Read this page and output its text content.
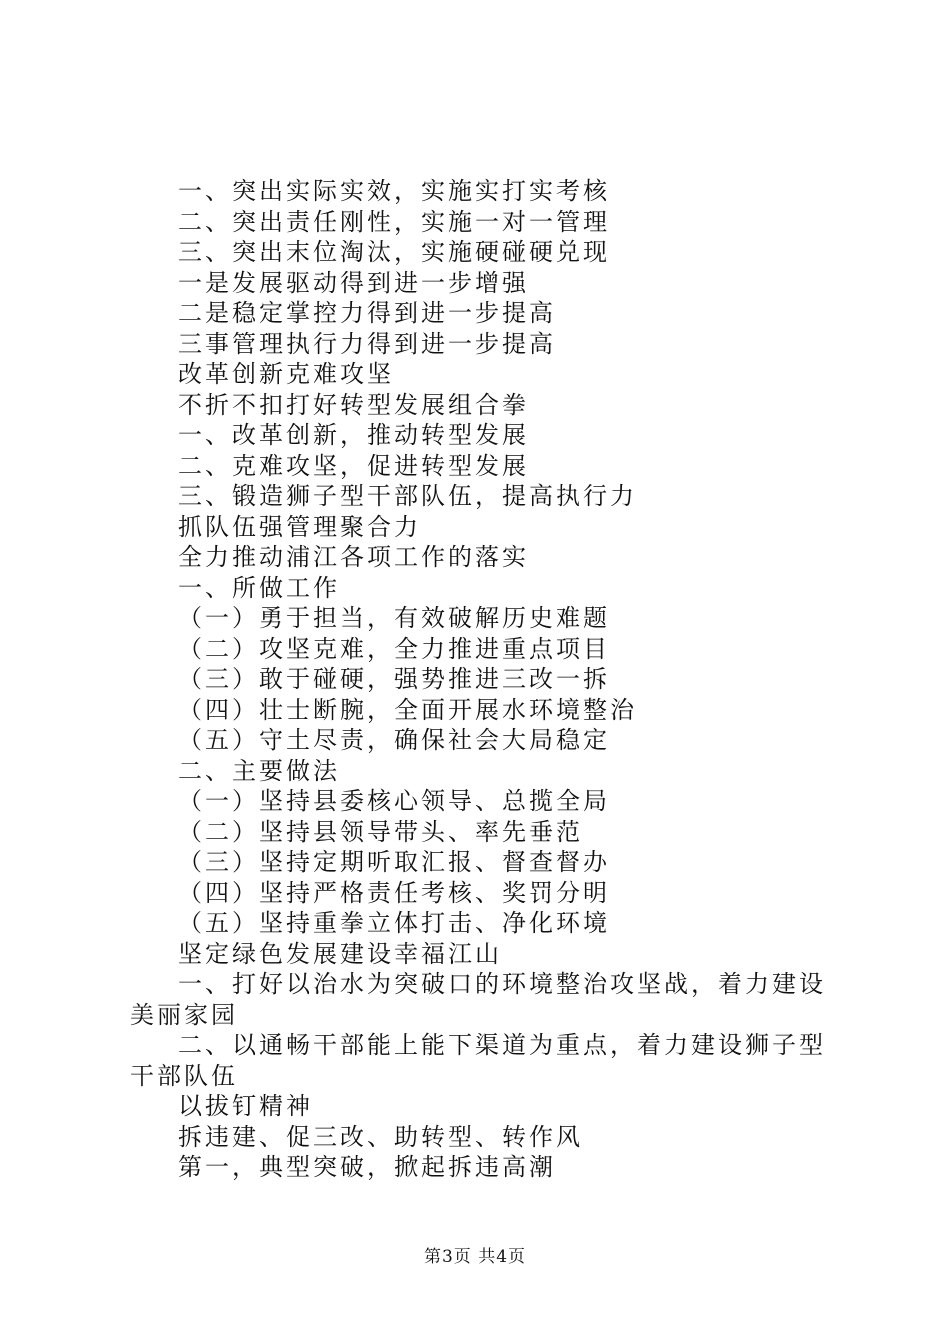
一、突出实际实效，实施实打实考核
二、突出责任刚性，实施一对一管理
三、突出末位淘汰，实施硬碰硬兑现
一是发展驱动得到进一步增强
二是稳定掌控力得到进一步提高
三事管理执行力得到进一步提高
改革创新克难攻坚
不折不扣打好转型发展组合拳
一、改革创新，推动转型发展
二、克难攻坚，促进转型发展
三、锻造狮子型干部队伍，提高执行力
抓队伍强管理聚合力
全力推动浦江各项工作的落实
一、所做工作
（一）勇于担当，有效破解历史难题
（二）攻坚克难，全力推进重点项目
（三）敢于碰硬，强势推进三改一拆
（四）壮士断腕，全面开展水环境整治
（五）守土尽责，确保社会大局稳定
二、主要做法
（一）坚持县委核心领导、总揽全局
（二）坚持县领导带头、率先垂范
（三）坚持定期听取汇报、督查督办
（四）坚持严格责任考核、奖罚分明
（五）坚持重拳立体打击、净化环境
坚定绿色发展建设幸福江山
一、打好以治水为突破口的环境整治攻坚战，着力建设美丽家园
二、以通畅干部能上能下渠道为重点，着力建设狮子型干部队伍
以拔钉精神
拆违建、促三改、助转型、转作风
第一，典型突破，掀起拆违高潮
第3页 共4页
